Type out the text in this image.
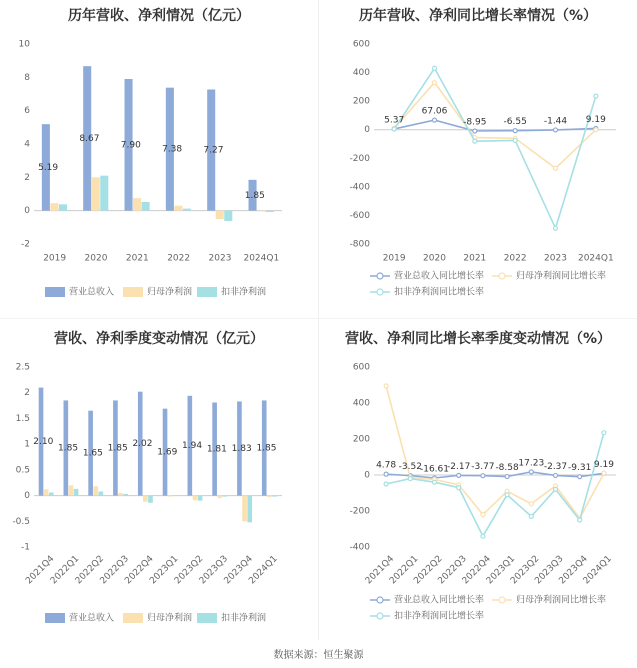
历年营收、净利情况（亿元）
-2
0
2
4
6
8
10
2019 2020 2021 2022 2023 2024Q1
5.19
8.67
7.90 7.38 7.27
1.85
营业总收入	归母净利润	扣非净利润
历年营收、净利同比增长率情况（%）
-800
-600
-400
-200
0
200
400
600
2019 2020 2021 2022 2023 2024Q1
5.37
67.06
-8.95 -6.55 -1.44 9.19
营业总收入同比增长率	归母净利润同比增长率
扣非净利润同比增长率
营收、净利季度变动情况（亿元）
-1
-0.5
0
0.5
1
1.5
2
2.5
2021Q4
2022Q1
2022Q2
2022Q3
2022Q4
2023Q1
2023Q2
2023Q3
2023Q4
2024Q1
2.10
1.85
1.65
1.85 2.02
1.69
1.94 1.81 1.83 1.85
营业总收入	归母净利润	扣非净利润
营收、净利同比增长率季度变动情况（%）
-400
-200
0
200
400
600
2021Q4
2022Q1
2022Q2
2022Q3
2022Q4
2023Q1
2023Q2
2023Q3
2023Q4
2024Q1
4.78 -3.52
-16.61
-2.17 -3.77 -8.58 17.23 -2.37 -9.31 9.19
营业总收入同比增长率	归母净利润同比增长率
扣非净利润同比增长率
数据来源：恒生聚源
